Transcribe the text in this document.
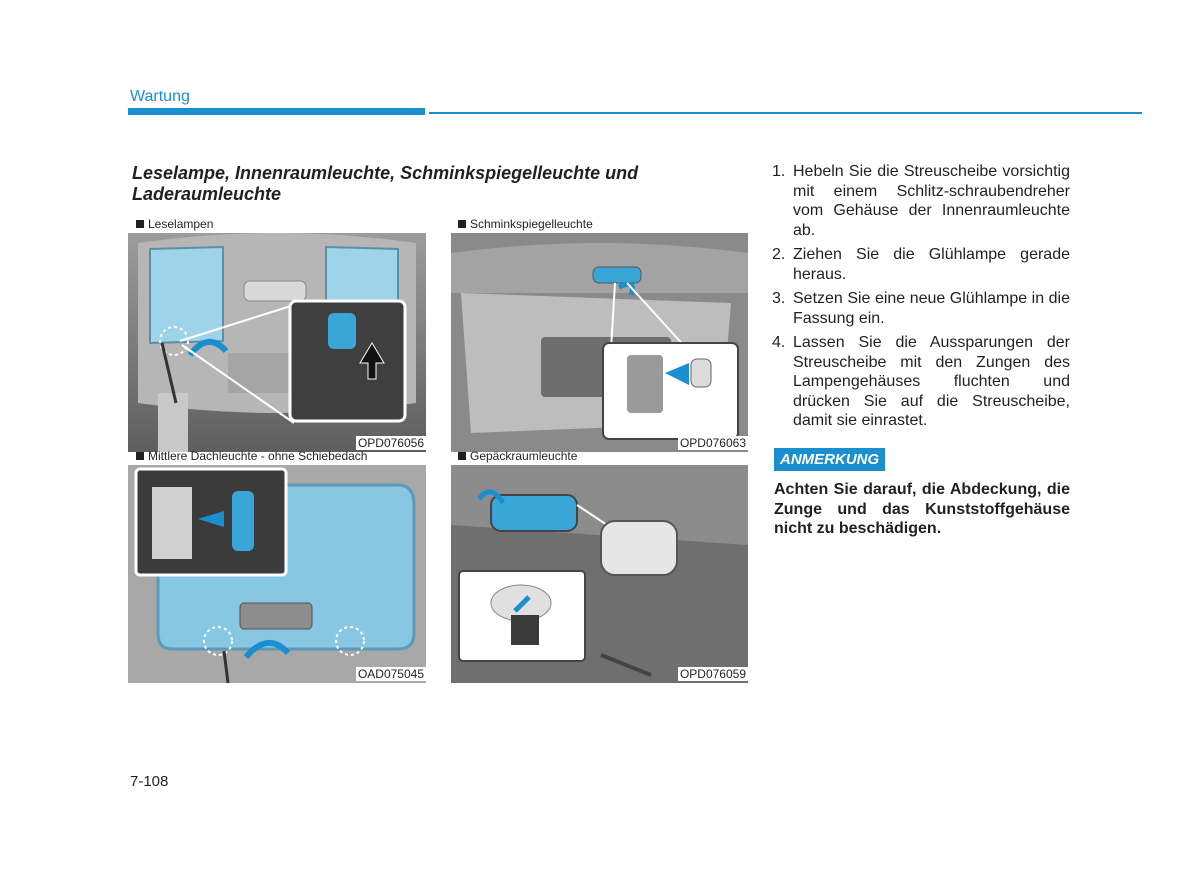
Wartung
Leselampe, Innenraumleuchte, Schminkspiegelleuchte und Laderaumleuchte
Leselampen
OPD076056
Schminkspiegelleuchte
OPD076063
Mittlere Dachleuchte - ohne Schiebedach
OAD075045
Gepäckraumleuchte
OPD076059
1. Hebeln Sie die Streuscheibe vorsichtig mit einem Schlitz-schraubendreher vom Gehäuse der Innenraumleuchte ab.
2. Ziehen Sie die Glühlampe gerade heraus.
3. Setzen Sie eine neue Glühlampe in die Fassung ein.
4. Lassen Sie die Aussparungen der Streuscheibe mit den Zungen des Lampengehäuses fluchten und drücken Sie auf die Streuscheibe, damit sie einrastet.
ANMERKUNG
Achten Sie darauf, die Abdeckung, die Zunge und das Kunststoffgehäuse nicht zu beschädigen.
7-108
